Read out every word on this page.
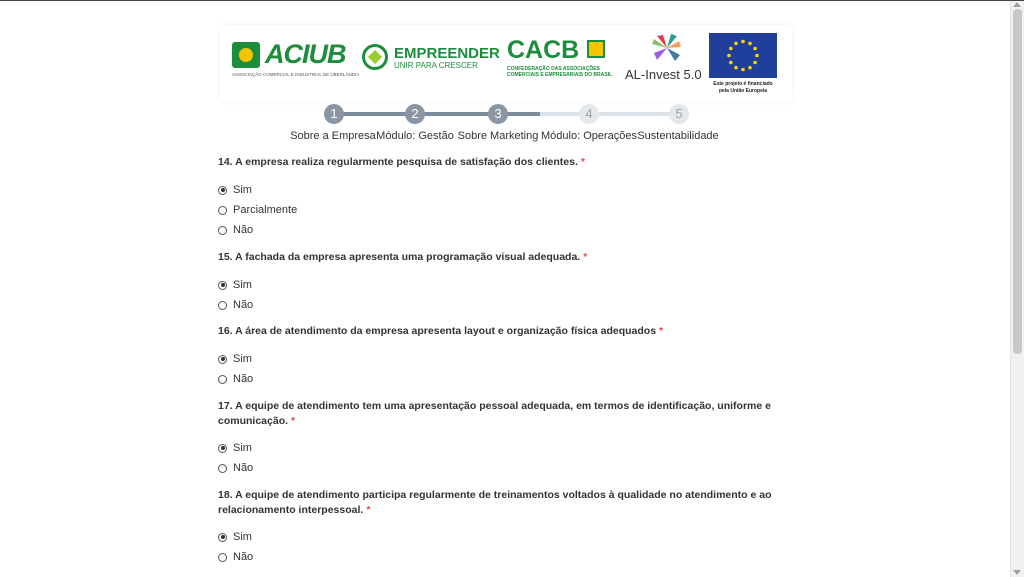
ACIUB
ASSOCIAÇÃO COMERCIAL E INDUSTRIAL DE UBERLÂNDIA
EMPREENDER
UNIR PARA CRESCER
CACB
CONFEDERAÇÃO DAS ASSOCIAÇÕES
COMERCIAIS E EMPRESARIAIS DO BRASIL AL-Invest 5.0
Este projeto é financiado
pela União Europeia
1	2	3	4	5
Sobre a Empresa Módulo: Gestão Sobre Marketing Módulo: Operações Sustentabilidade
14. A empresa realiza regularmente pesquisa de satisfação dos clientes. *
Sim
Parcialmente
Não
15. A fachada da empresa apresenta uma programação visual adequada. *
Sim
Não
16. A área de atendimento da empresa apresenta layout e organização física adequados *
Sim
Não
17. A equipe de atendimento tem uma apresentação pessoal adequada, em termos de identificação, uniforme e comunicação. *
Sim
Não
18. A equipe de atendimento participa regularmente de treinamentos voltados à qualidade no atendimento e ao relacionamento interpessoal. *
Sim
Não
